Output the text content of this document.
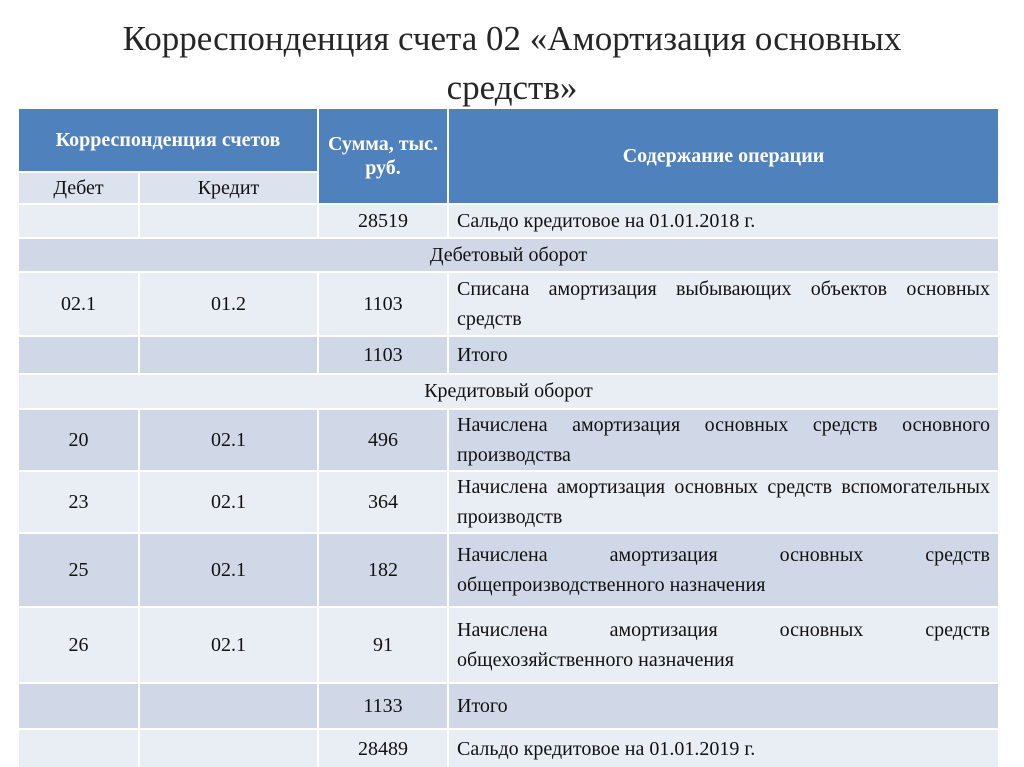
Корреспонденция счета 02 «Амортизация основных
средств»
Корреспонденция счетов		Сумма, тыс. руб.	Содержание операции
Дебет	Кредит		
		28519	Сальдо кредитовое на 01.01.2018 г.
Дебетовый оборот			
02.1	01.2	1103	Списана амортизация выбывающих объектов основных средств
		1103	Итого
Кредитовый оборот			
20	02.1	496	Начислена амортизация основных средств основного производства
23	02.1	364	Начислена амортизация основных средств вспомогательных производств
25	02.1	182	Начислена амортизация основных средств общепроизводственного назначения
26	02.1	91	Начислена амортизация основных средств общехозяйственного назначения
		1133	Итого
		28489	Сальдо кредитовое на 01.01.2019 г.
